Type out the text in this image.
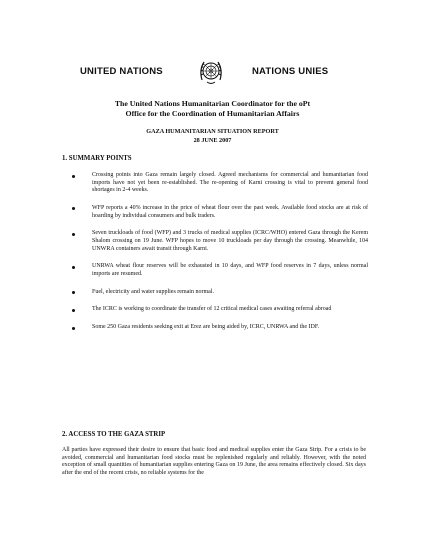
UNITED NATIONS	NATIONS UNIES
The United Nations Humanitarian Coordinator for the oPt
Office for the Coordination of Humanitarian Affairs
GAZA HUMANITARIAN SITUATION REPORT
28 JUNE 2007
1. SUMMARY POINTS
Crossing points into Gaza remain largely closed. Agreed mechanisms for commercial and humanitarian food imports have not yet been re-established. The re-opening of Karni crossing is vital to prevent general food shortages in 2-4 weeks.
WFP reports a 40% increase in the price of wheat flour over the past week. Available food stocks are at risk of hoarding by individual consumers and bulk traders.
Seven truckloads of food (WFP) and 3 trucks of medical supplies (ICRC/WHO) entered Gaza through the Kerem Shalom crossing on 19 June. WFP hopes to move 10 truckloads per day through the crossing. Meanwhile, 104 UNWRA containers await transit through Karni.
UNRWA wheat flour reserves will be exhausted in 10 days, and WFP food reserves in 7 days, unless normal imports are resumed.
Fuel, electricity and water supplies remain normal.
The ICRC is working to coordinate the transfer of 12 critical medical cases awaiting referral abroad
Some 250 Gaza residents seeking exit at Erez are being aided by, ICRC, UNRWA and the IDF.
2. ACCESS TO THE GAZA STRIP
All parties have expressed their desire to ensure that basic food and medical supplies enter the Gaza Strip. For a crisis to be avoided, commercial and humanitarian food stocks must be replenished regularly and reliably. However, with the noted exception of small quantities of humanitarian supplies entering Gaza on 19 June, the area remains effectively closed. Six days after the end of the recent crisis, no reliable systems for the
